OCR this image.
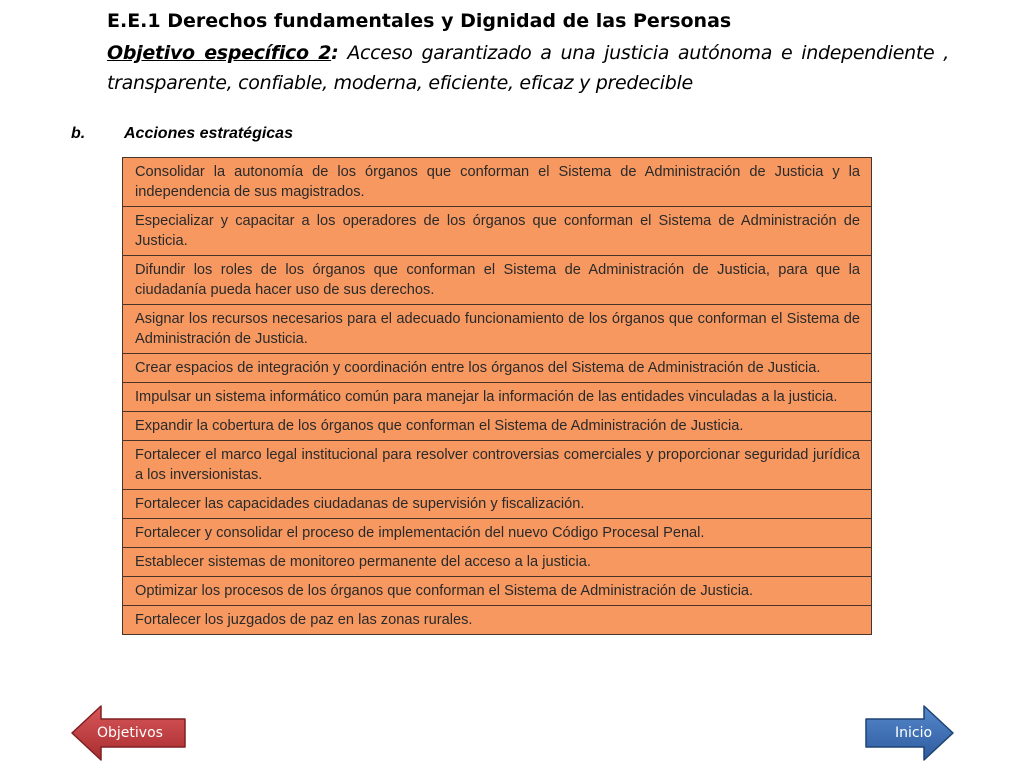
E.E.1 Derechos fundamentales y Dignidad de las Personas
Objetivo específico 2: Acceso garantizado a una justicia autónoma e independiente , transparente, confiable, moderna, eficiente, eficaz y predecible
b. Acciones estratégicas
Consolidar la autonomía de los órganos que conforman el Sistema de Administración de Justicia y la independencia de sus magistrados.
Especializar y capacitar a los operadores de los órganos que conforman el Sistema de Administración de Justicia.
Difundir los roles de los órganos que conforman el Sistema de Administración de Justicia, para que la ciudadanía pueda hacer uso de sus derechos.
Asignar los recursos necesarios para el adecuado funcionamiento de los órganos que conforman el Sistema de Administración de Justicia.
Crear espacios de integración y coordinación entre los órganos del Sistema de Administración de Justicia.
Impulsar un sistema informático común para manejar la información de las entidades vinculadas a la justicia.
Expandir la cobertura de los órganos que conforman el Sistema de Administración de Justicia.
Fortalecer el marco legal institucional para resolver controversias comerciales y proporcionar seguridad jurídica a los inversionistas.
Fortalecer las capacidades ciudadanas de supervisión y fiscalización.
Fortalecer y consolidar el proceso de implementación del nuevo Código Procesal Penal.
Establecer sistemas de monitoreo permanente del acceso a la justicia.
Optimizar los procesos de los órganos que conforman el Sistema de Administración de Justicia.
Fortalecer los juzgados de paz en las zonas rurales.
Objetivos	Inicio
